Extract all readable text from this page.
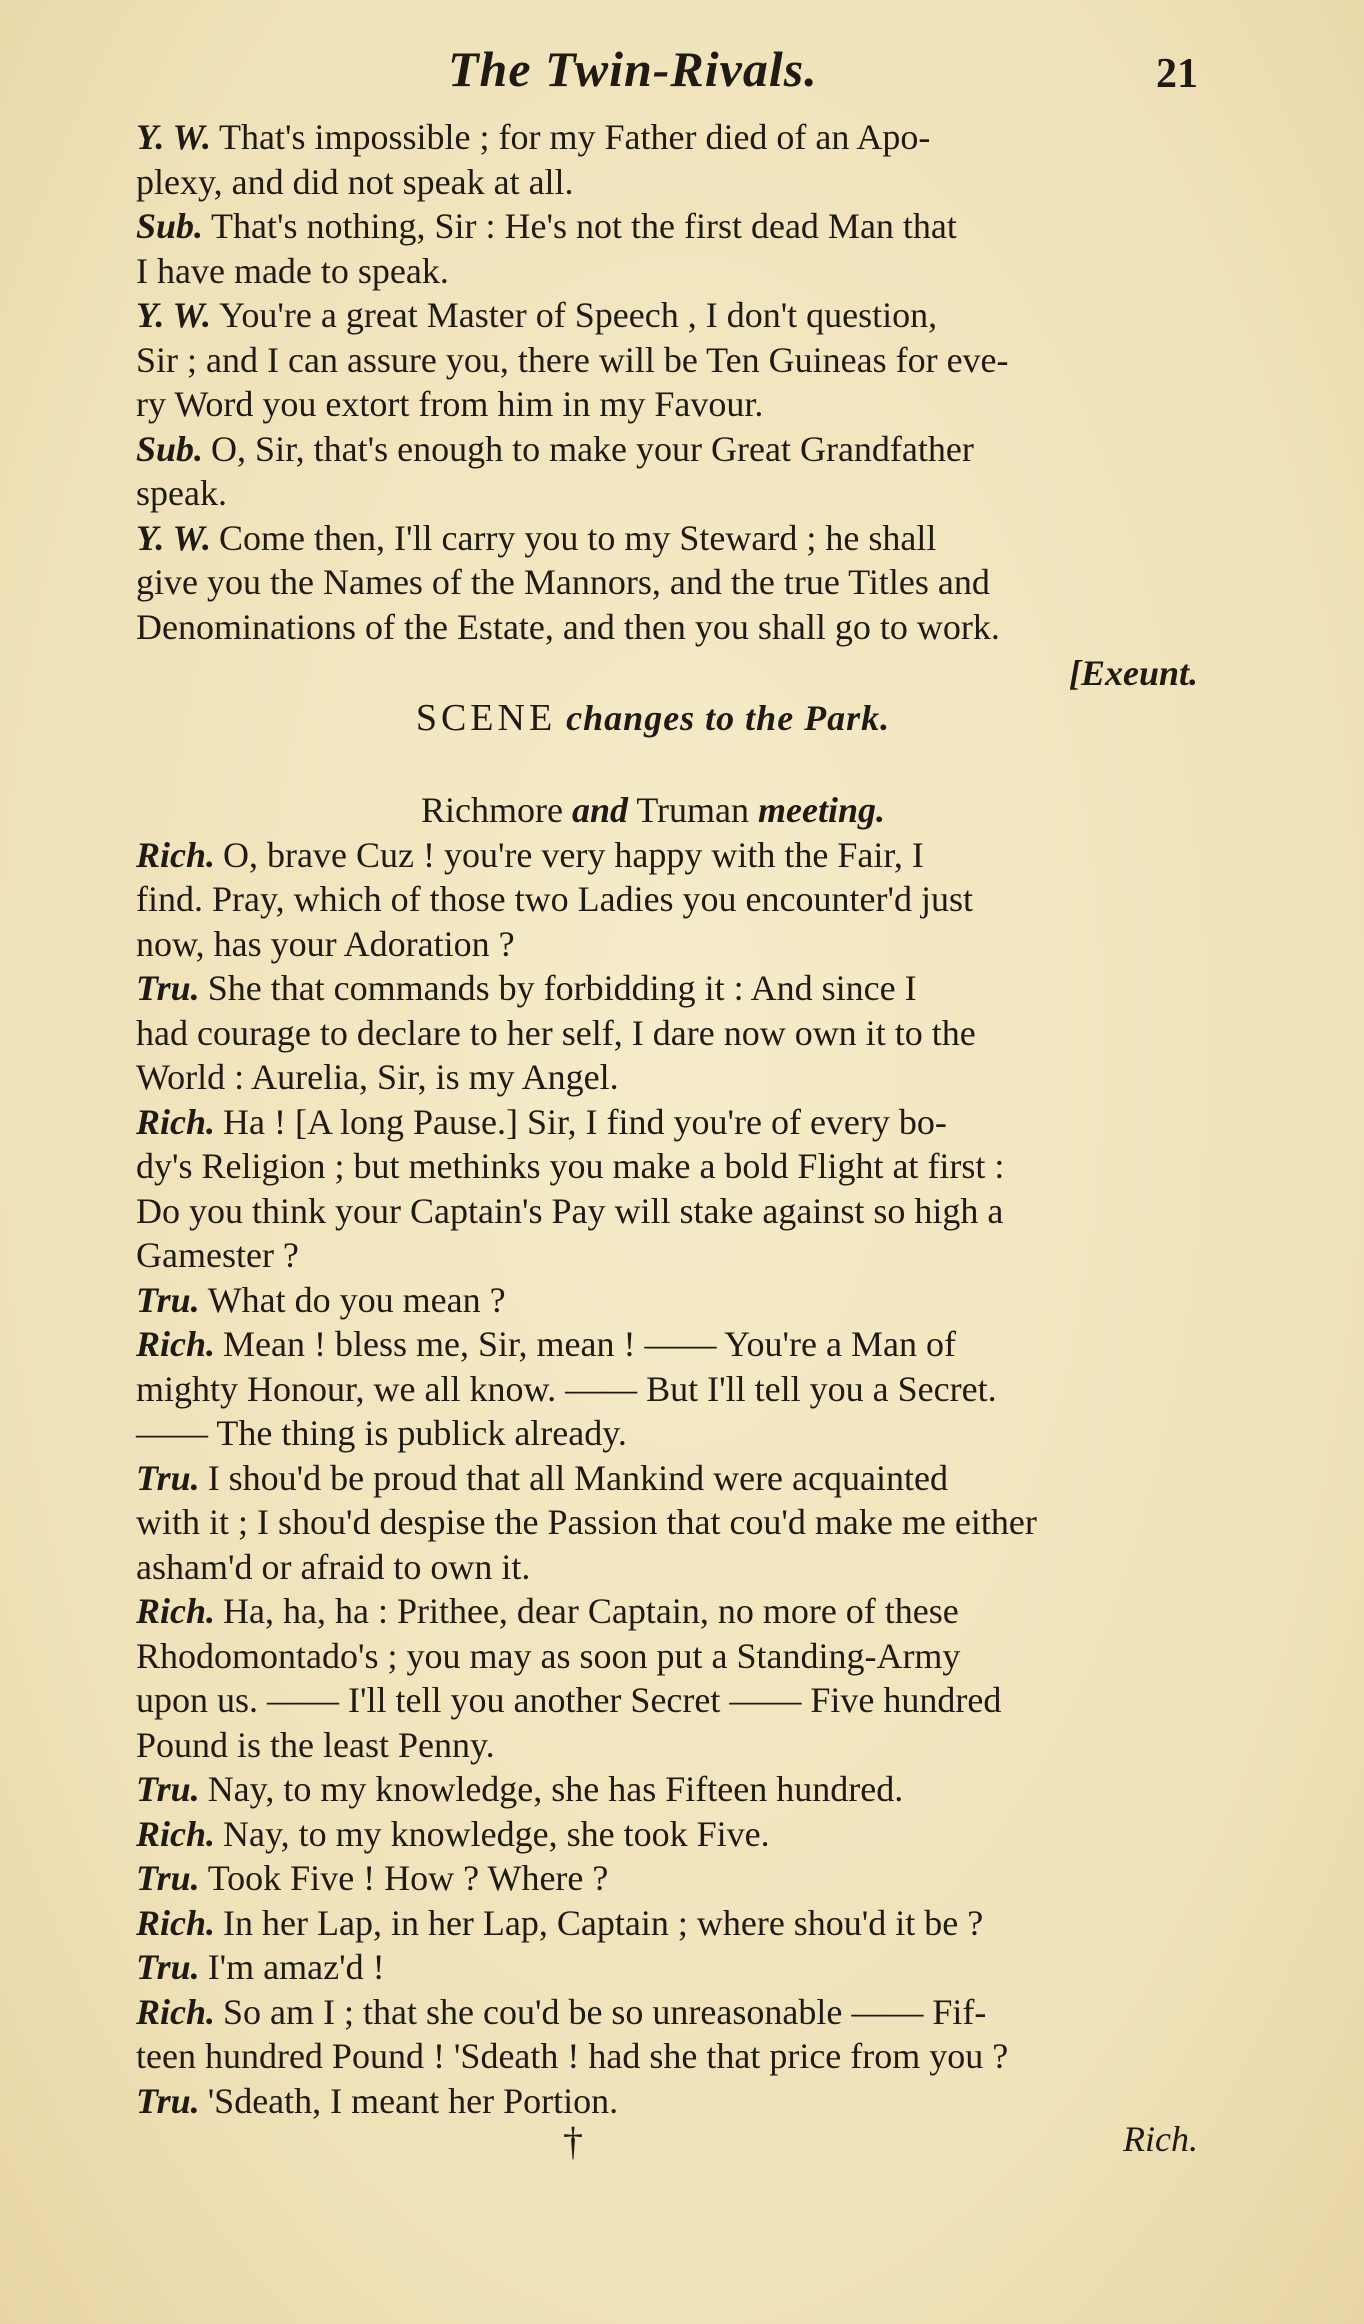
The Twin-Rivals.	21

Y. W. That's impossible ; for my Father died of an Apo-
plexy, and did not speak at all.

Sub. That's nothing, Sir : He's not the first dead Man that
I have made to speak.

Y. W. You're a great Master of Speech , I don't question,
Sir ; and I can assure you, there will be Ten Guineas for eve-
ry Word you extort from him in my Favour.

Sub. O, Sir, that's enough to make your Great Grandfather
speak.

Y. W. Come then, I'll carry you to my Steward ; he shall
give you the Names of the Mannors, and the true Titles and
Denominations of the Estate, and then you shall go to work.

[Exeunt.

SCENE changes to the Park.

Richmore and Truman meeting.

Rich. O, brave Cuz ! you're very happy with the Fair, I
find. Pray, which of those two Ladies you encounter'd just
now, has your Adoration ?

Tru. She that commands by forbidding it : And since I
had courage to declare to her self, I dare now own it to the
World : Aurelia, Sir, is my Angel.

Rich. Ha ! [A long Pause.] Sir, I find you're of every bo-
dy's Religion ; but methinks you make a bold Flight at first :
Do you think your Captain's Pay will stake against so high a
Gamester ?

Tru. What do you mean ?

Rich. Mean ! bless me, Sir, mean ! —— You're a Man of
mighty Honour, we all know. —— But I'll tell you a Secret.
—— The thing is publick already.

Tru. I shou'd be proud that all Mankind were acquainted
with it ; I shou'd despise the Passion that cou'd make me either
asham'd or afraid to own it.

Rich. Ha, ha, ha : Prithee, dear Captain, no more of these
Rhodomontado's ; you may as soon put a Standing-Army
upon us. —— I'll tell you another Secret —— Five hundred
Pound is the least Penny.

Tru. Nay, to my knowledge, she has Fifteen hundred.

Rich. Nay, to my knowledge, she took Five.

Tru. Took Five ! How ? Where ?

Rich. In her Lap, in her Lap, Captain ; where shou'd it be ?

Tru. I'm amaz'd !

Rich. So am I ; that she cou'd be so unreasonable —— Fif-
teen hundred Pound ! 'Sdeath ! had she that price from you ?

Tru. 'Sdeath, I meant her Portion.

†	Rich.
